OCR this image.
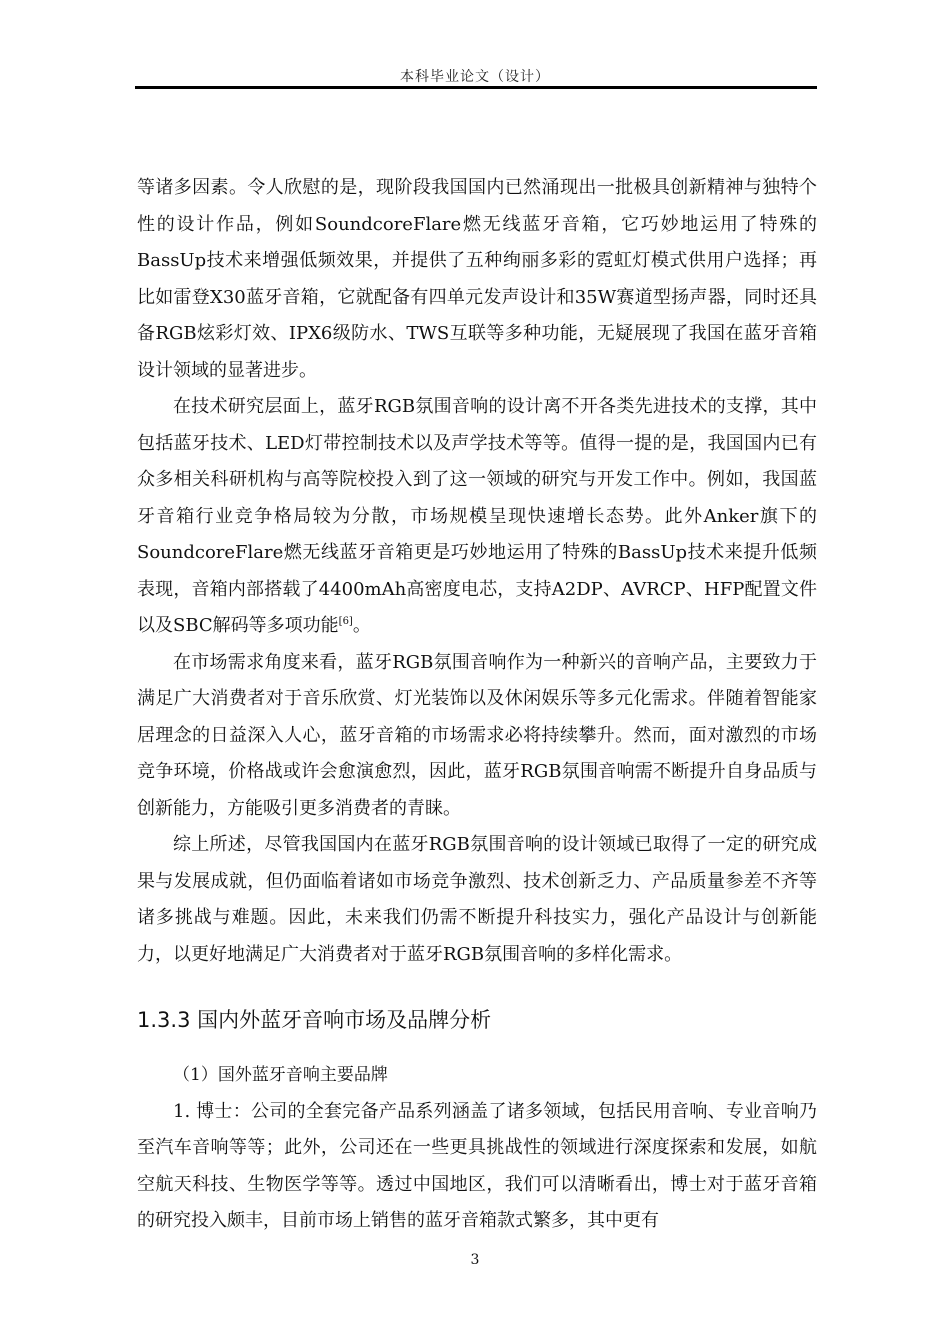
本科毕业论文（设计）

等诸多因素。令人欣慰的是，现阶段我国国内已然涌现出一批极具创新精神与独特个性的设计作品，例如SoundcoreFlare燃无线蓝牙音箱，它巧妙地运用了特殊的BassUp技术来增强低频效果，并提供了五种绚丽多彩的霓虹灯模式供用户选择；再比如雷登X30蓝牙音箱，它就配备有四单元发声设计和35W赛道型扬声器，同时还具备RGB炫彩灯效、IPX6级防水、TWS互联等多种功能，无疑展现了我国在蓝牙音箱设计领域的显著进步。

在技术研究层面上，蓝牙RGB氛围音响的设计离不开各类先进技术的支撑，其中包括蓝牙技术、LED灯带控制技术以及声学技术等等。值得一提的是，我国国内已有众多相关科研机构与高等院校投入到了这一领域的研究与开发工作中。例如，我国蓝牙音箱行业竞争格局较为分散，市场规模呈现快速增长态势。此外Anker旗下的SoundcoreFlare燃无线蓝牙音箱更是巧妙地运用了特殊的BassUp技术来提升低频表现，音箱内部搭载了4400mAh高密度电芯，支持A2DP、AVRCP、HFP配置文件以及SBC解码等多项功能[6]。

在市场需求角度来看，蓝牙RGB氛围音响作为一种新兴的音响产品，主要致力于满足广大消费者对于音乐欣赏、灯光装饰以及休闲娱乐等多元化需求。伴随着智能家居理念的日益深入人心，蓝牙音箱的市场需求必将持续攀升。然而，面对激烈的市场竞争环境，价格战或许会愈演愈烈，因此，蓝牙RGB氛围音响需不断提升自身品质与创新能力，方能吸引更多消费者的青睐。

综上所述，尽管我国国内在蓝牙RGB氛围音响的设计领域已取得了一定的研究成果与发展成就，但仍面临着诸如市场竞争激烈、技术创新乏力、产品质量参差不齐等诸多挑战与难题。因此，未来我们仍需不断提升科技实力，强化产品设计与创新能力，以更好地满足广大消费者对于蓝牙RGB氛围音响的多样化需求。

1.3.3 国内外蓝牙音响市场及品牌分析

（1）国外蓝牙音响主要品牌

1. 博士：公司的全套完备产品系列涵盖了诸多领域，包括民用音响、专业音响乃至汽车音响等等；此外，公司还在一些更具挑战性的领域进行深度探索和发展，如航空航天科技、生物医学等等。透过中国地区，我们可以清晰看出，博士对于蓝牙音箱的研究投入颇丰，目前市场上销售的蓝牙音箱款式繁多，其中更有

3
